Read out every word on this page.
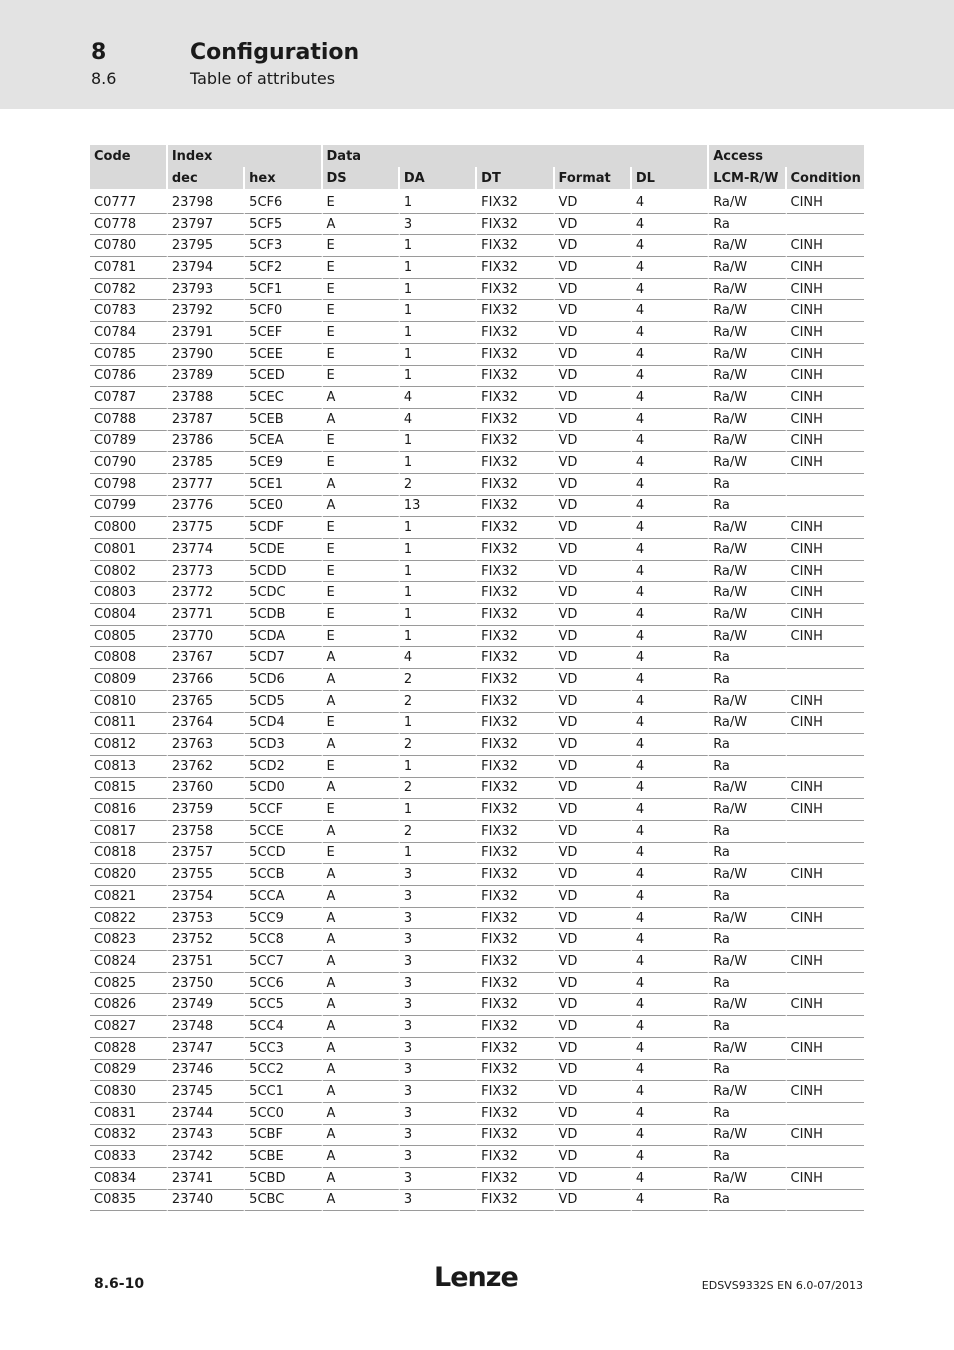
8	Configuration
8.6	Table of attributes
Code	Index		Data					Access	
	dec	hex	DS	DA	DT	Format	DL	LCM-R/W	Condition
C0777	23798	5CF6	E	1	FIX32	VD	4	Ra/W	CINH
C0778	23797	5CF5	A	3	FIX32	VD	4	Ra	
C0780	23795	5CF3	E	1	FIX32	VD	4	Ra/W	CINH
C0781	23794	5CF2	E	1	FIX32	VD	4	Ra/W	CINH
C0782	23793	5CF1	E	1	FIX32	VD	4	Ra/W	CINH
C0783	23792	5CF0	E	1	FIX32	VD	4	Ra/W	CINH
C0784	23791	5CEF	E	1	FIX32	VD	4	Ra/W	CINH
C0785	23790	5CEE	E	1	FIX32	VD	4	Ra/W	CINH
C0786	23789	5CED	E	1	FIX32	VD	4	Ra/W	CINH
C0787	23788	5CEC	A	4	FIX32	VD	4	Ra/W	CINH
C0788	23787	5CEB	A	4	FIX32	VD	4	Ra/W	CINH
C0789	23786	5CEA	E	1	FIX32	VD	4	Ra/W	CINH
C0790	23785	5CE9	E	1	FIX32	VD	4	Ra/W	CINH
C0798	23777	5CE1	A	2	FIX32	VD	4	Ra	
C0799	23776	5CE0	A	13	FIX32	VD	4	Ra	
C0800	23775	5CDF	E	1	FIX32	VD	4	Ra/W	CINH
C0801	23774	5CDE	E	1	FIX32	VD	4	Ra/W	CINH
C0802	23773	5CDD	E	1	FIX32	VD	4	Ra/W	CINH
C0803	23772	5CDC	E	1	FIX32	VD	4	Ra/W	CINH
C0804	23771	5CDB	E	1	FIX32	VD	4	Ra/W	CINH
C0805	23770	5CDA	E	1	FIX32	VD	4	Ra/W	CINH
C0808	23767	5CD7	A	4	FIX32	VD	4	Ra	
C0809	23766	5CD6	A	2	FIX32	VD	4	Ra	
C0810	23765	5CD5	A	2	FIX32	VD	4	Ra/W	CINH
C0811	23764	5CD4	E	1	FIX32	VD	4	Ra/W	CINH
C0812	23763	5CD3	A	2	FIX32	VD	4	Ra	
C0813	23762	5CD2	E	1	FIX32	VD	4	Ra	
C0815	23760	5CD0	A	2	FIX32	VD	4	Ra/W	CINH
C0816	23759	5CCF	E	1	FIX32	VD	4	Ra/W	CINH
C0817	23758	5CCE	A	2	FIX32	VD	4	Ra	
C0818	23757	5CCD	E	1	FIX32	VD	4	Ra	
C0820	23755	5CCB	A	3	FIX32	VD	4	Ra/W	CINH
C0821	23754	5CCA	A	3	FIX32	VD	4	Ra	
C0822	23753	5CC9	A	3	FIX32	VD	4	Ra/W	CINH
C0823	23752	5CC8	A	3	FIX32	VD	4	Ra	
C0824	23751	5CC7	A	3	FIX32	VD	4	Ra/W	CINH
C0825	23750	5CC6	A	3	FIX32	VD	4	Ra	
C0826	23749	5CC5	A	3	FIX32	VD	4	Ra/W	CINH
C0827	23748	5CC4	A	3	FIX32	VD	4	Ra	
C0828	23747	5CC3	A	3	FIX32	VD	4	Ra/W	CINH
C0829	23746	5CC2	A	3	FIX32	VD	4	Ra	
C0830	23745	5CC1	A	3	FIX32	VD	4	Ra/W	CINH
C0831	23744	5CC0	A	3	FIX32	VD	4	Ra	
C0832	23743	5CBF	A	3	FIX32	VD	4	Ra/W	CINH
C0833	23742	5CBE	A	3	FIX32	VD	4	Ra	
C0834	23741	5CBD	A	3	FIX32	VD	4	Ra/W	CINH
C0835	23740	5CBC	A	3	FIX32	VD	4	Ra	
8.6-10	Lenze	EDSVS9332S EN 6.0-07/2013
